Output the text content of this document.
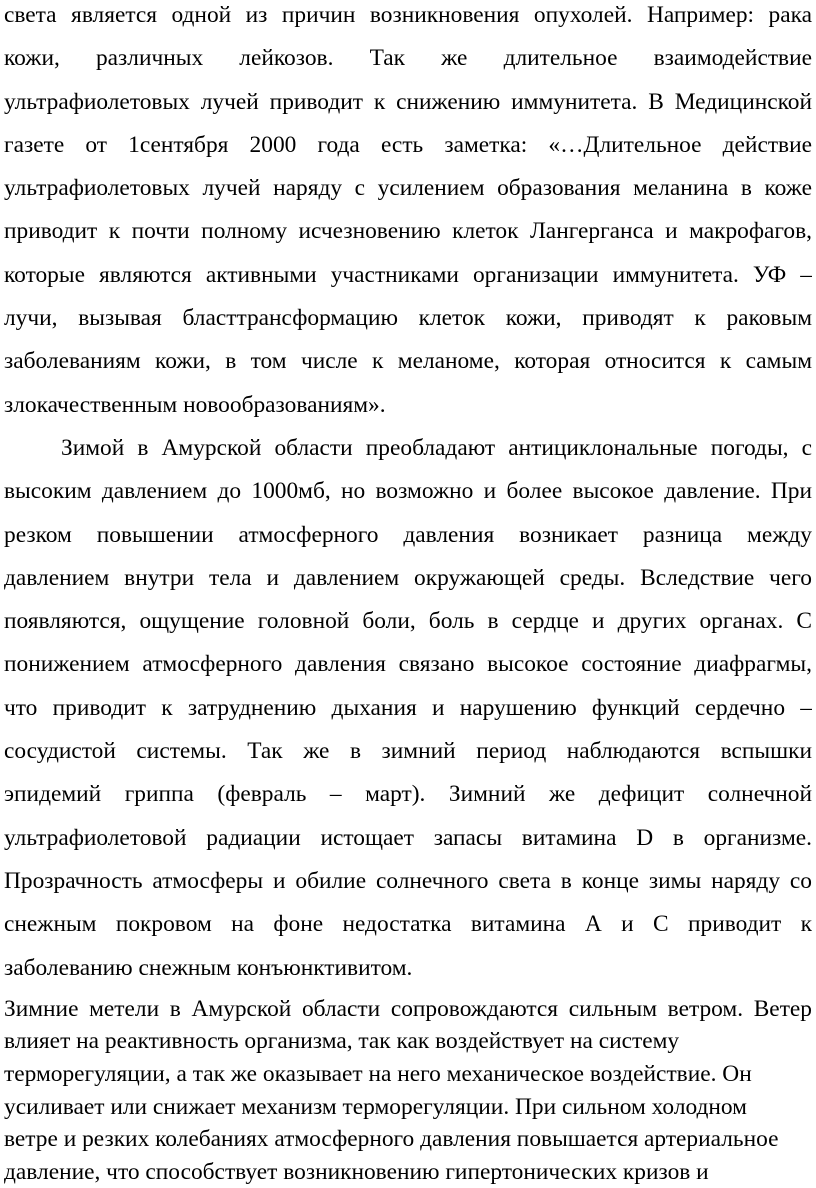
света является одной из причин возникновения опухолей. Например: рака
кожи, различных лейкозов. Так же длительное взаимодействие
ультрафиолетовых лучей приводит к снижению иммунитета. В Медицинской
газете от 1сентября 2000 года есть заметка: «…Длительное действие
ультрафиолетовых лучей наряду с усилением образования меланина в коже
приводит к почти полному исчезновению клеток Лангерганса и макрофагов,
которые являются активными участниками организации иммунитета. УФ –
лучи, вызывая бласттрансформацию клеток кожи, приводят к раковым
заболеваниям кожи, в том числе к меланоме, которая относится к самым
злокачественным новообразованиям».
Зимой в Амурской области преобладают антициклональные погоды, с
высоким давлением до 1000мб, но возможно и более высокое давление. При
резком повышении атмосферного давления возникает разница между
давлением внутри тела и давлением окружающей среды. Вследствие чего
появляются, ощущение головной боли, боль в сердце и других органах. С
понижением атмосферного давления связано высокое состояние диафрагмы,
что приводит к затруднению дыхания и нарушению функций сердечно –
сосудистой системы. Так же в зимний период наблюдаются вспышки
эпидемий гриппа (февраль – март). Зимний же дефицит солнечной
ультрафиолетовой радиации истощает запасы витамина D в организме.
Прозрачность атмосферы и обилие солнечного света в конце зимы наряду со
снежным покровом на фоне недостатка витамина А и С приводит к
заболеванию снежным конъюнктивитом.
Зимние метели в Амурской области сопровождаются сильным ветром. Ветер
влияет на реактивность организма, так как воздействует на систему
терморегуляции, а так же оказывает на него механическое воздействие. Он
усиливает или снижает механизм терморегуляции. При сильном холодном
ветре и резких колебаниях атмосферного давления повышается артериальное
давление, что способствует возникновению гипертонических кризов и
